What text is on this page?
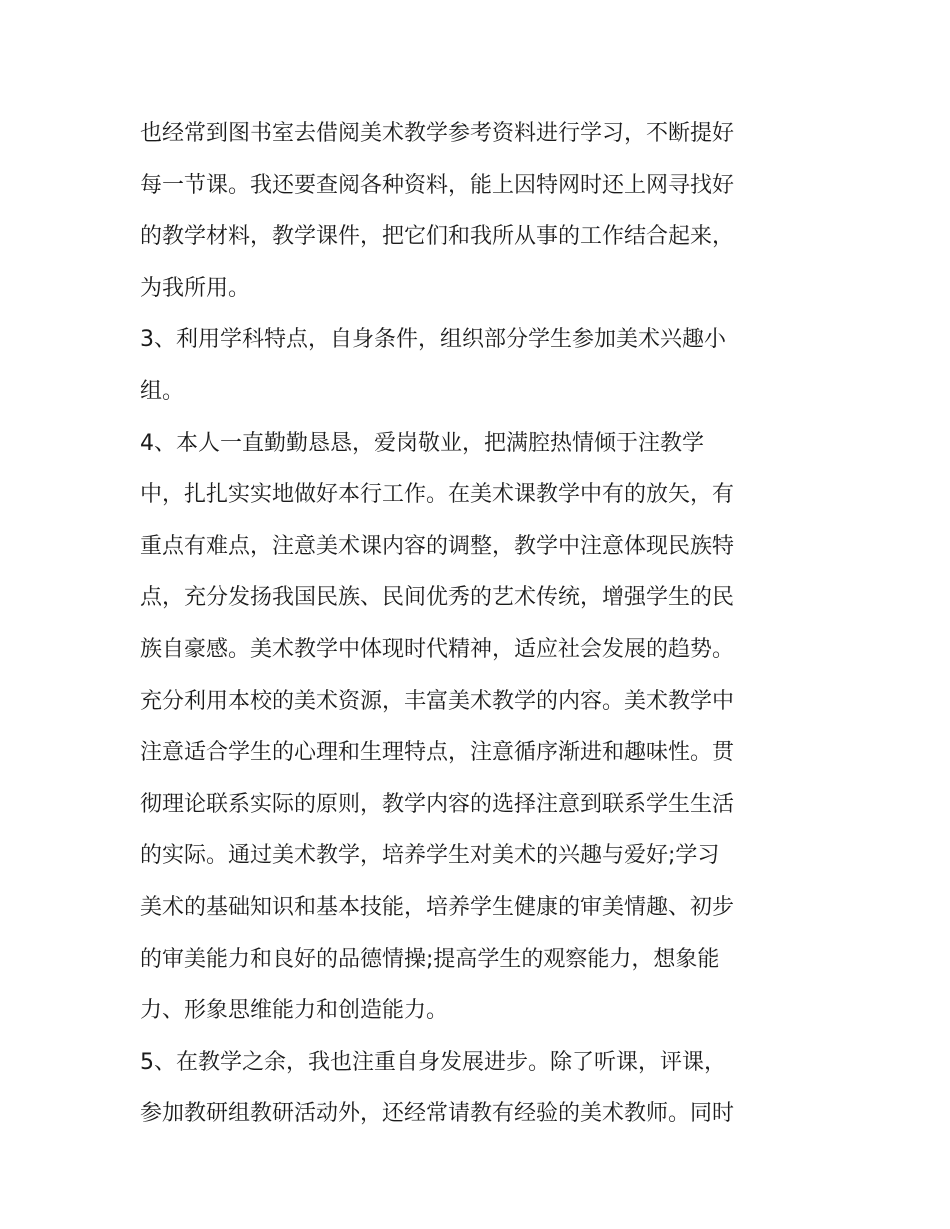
也经常到图书室去借阅美术教学参考资料进行学习，不断提好
每一节课。我还要查阅各种资料，能上因特网时还上网寻找好
的教学材料，教学课件，把它们和我所从事的工作结合起来，
为我所用。
3、利用学科特点，自身条件，组织部分学生参加美术兴趣小
组。
4、本人一直勤勤恳恳，爱岗敬业，把满腔热情倾于注教学
中，扎扎实实地做好本行工作。在美术课教学中有的放矢，有
重点有难点，注意美术课内容的调整，教学中注意体现民族特
点，充分发扬我国民族、民间优秀的艺术传统，增强学生的民
族自豪感。美术教学中体现时代精神，适应社会发展的趋势。
充分利用本校的美术资源，丰富美术教学的内容。美术教学中
注意适合学生的心理和生理特点，注意循序渐进和趣味性。贯
彻理论联系实际的原则，教学内容的选择注意到联系学生生活
的实际。通过美术教学，培养学生对美术的兴趣与爱好;学习
美术的基础知识和基本技能，培养学生健康的审美情趣、初步
的审美能力和良好的品德情操;提高学生的观察能力，想象能
力、形象思维能力和创造能力。
5、在教学之余，我也注重自身发展进步。除了听课，评课，
参加教研组教研活动外，还经常请教有经验的美术教师。同时
